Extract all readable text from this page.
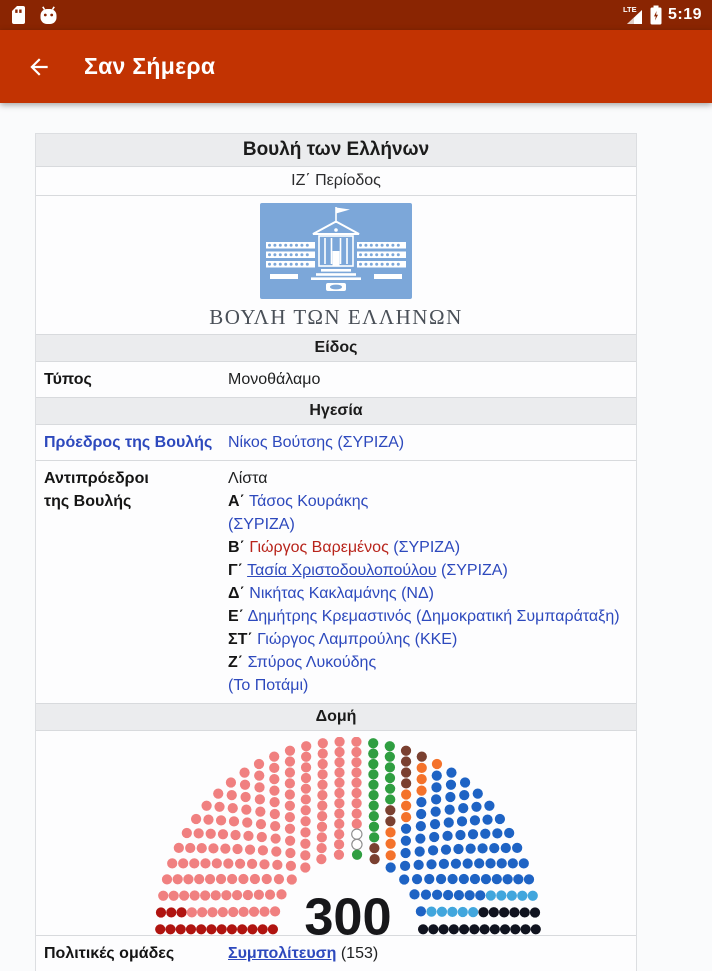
LTE 5:19
Σαν Σήμερα
Βουλή των Ελλήνων
ΙΖ΄ Περίοδος
ΒΟΥΛΗ ΤΩΝ ΕΛΛΗΝΩΝ
Είδος
Τύπος	Μονοθάλαμο
Ηγεσία
Πρόεδρος της Βουλής Νίκος Βούτσης (ΣΥΡΙΖΑ)
Αντιπρόεδροι της Βουλής
Λίστα
Α΄ Τάσος Κουράκης
(ΣΥΡΙΖΑ)
Β΄ Γιώργος Βαρεμένος (ΣΥΡΙΖΑ)
Γ΄ Τασία Χριστοδουλοπούλου (ΣΥΡΙΖΑ)
Δ΄ Νικήτας Κακλαμάνης (ΝΔ)
Ε΄ Δημήτρης Κρεμαστινός (Δημοκρατική Συμπαράταξη)
ΣΤ΄ Γιώργος Λαμπρούλης (ΚΚΕ)
Ζ΄ Σπύρος Λυκούδης
(Το Ποτάμι)
Δομή
300
Πολιτικές ομάδες	Συμπολίτευση (153)
